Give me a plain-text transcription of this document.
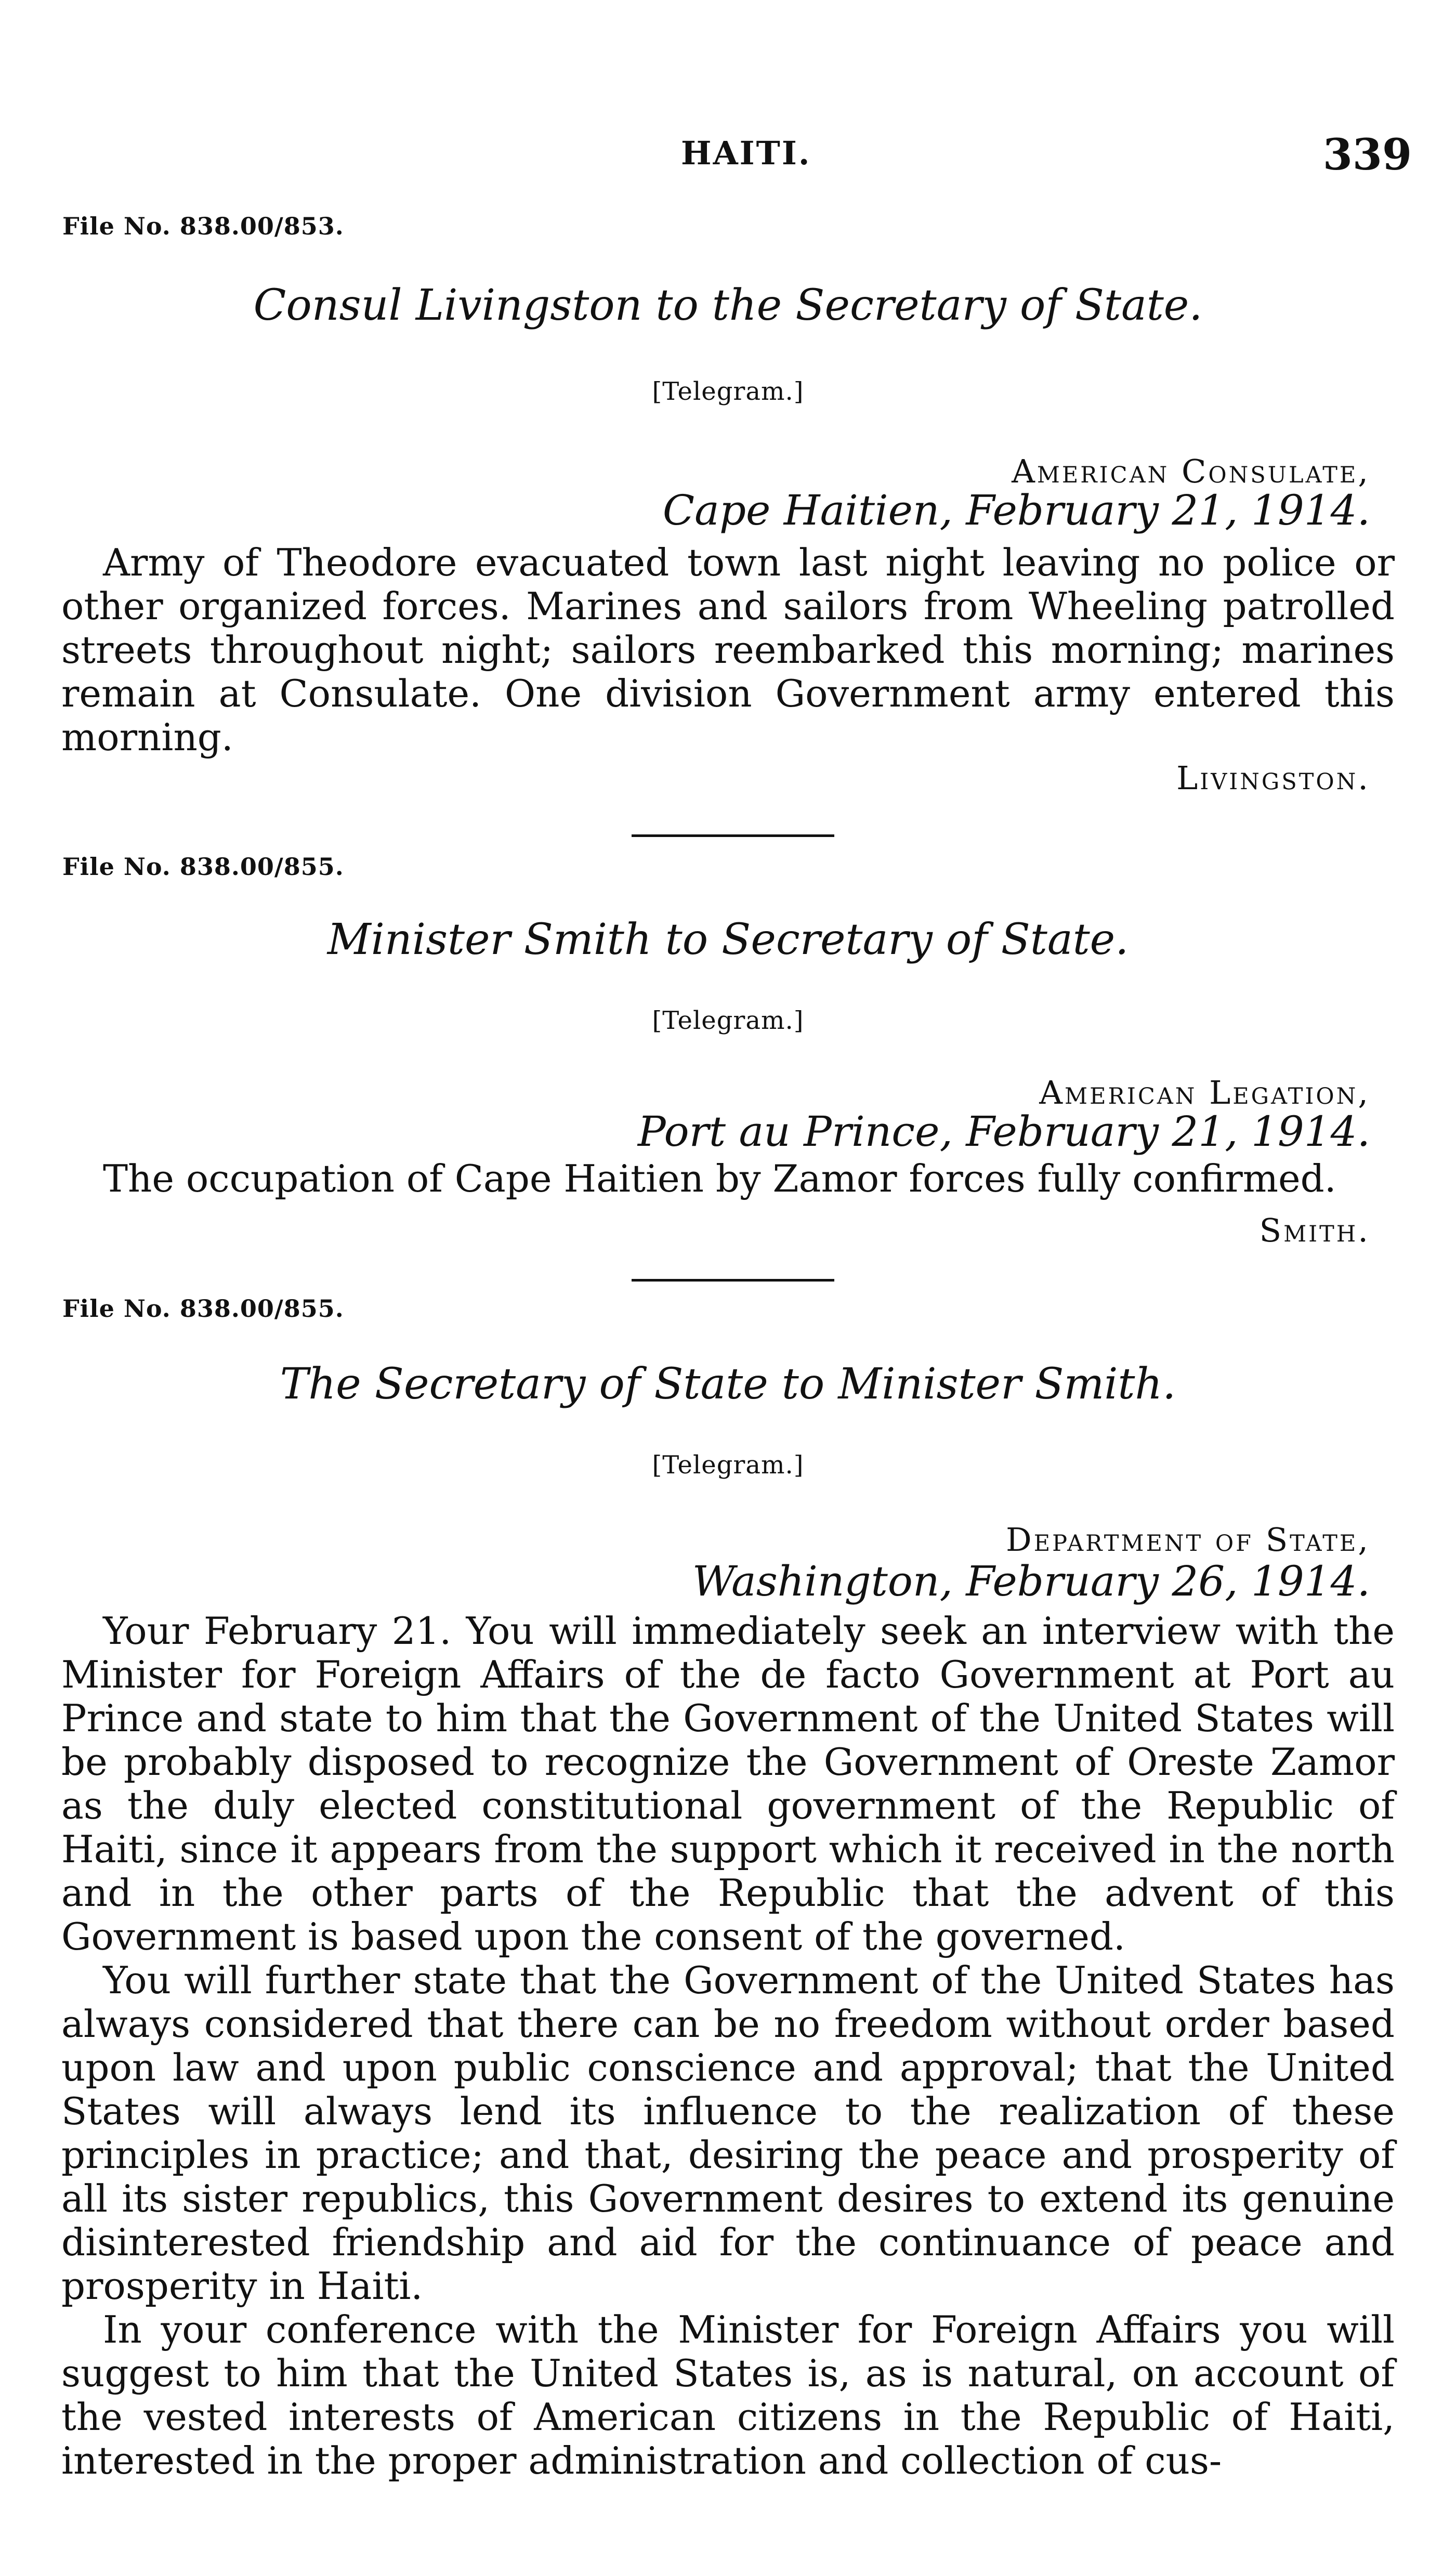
HAITI.	339
File No. 838.00/853.
Consul Livingston to the Secretary of State.
[Telegram.]
American Consulate,
Cape Haitien, February 21, 1914.

Army of Theodore evacuated town last night leaving no police or other organized forces. Marines and sailors from Wheeling patrolled streets throughout night; sailors reembarked this morning; marines remain at Consulate. One division Government army entered this morning.

Livingston.
File No. 838.00/855.
Minister Smith to Secretary of State.
[Telegram.]
American Legation,
Port au Prince, February 21, 1914.

The occupation of Cape Haitien by Zamor forces fully confirmed.

Smith.
File No. 838.00/855.
The Secretary of State to Minister Smith.
[Telegram.]
Department of State,
Washington, February 26, 1914.

Your February 21. You will immediately seek an interview with the Minister for Foreign Affairs of the de facto Government at Port au Prince and state to him that the Government of the United States will be probably disposed to recognize the Government of Oreste Zamor as the duly elected constitutional government of the Republic of Haiti, since it appears from the support which it received in the north and in the other parts of the Republic that the advent of this Government is based upon the consent of the governed.

You will further state that the Government of the United States has always considered that there can be no freedom without order based upon law and upon public conscience and approval; that the United States will always lend its influence to the realization of these principles in practice; and that, desiring the peace and prosperity of all its sister republics, this Government desires to extend its genuine disinterested friendship and aid for the continuance of peace and prosperity in Haiti.

In your conference with the Minister for Foreign Affairs you will suggest to him that the United States is, as is natural, on account of the vested interests of American citizens in the Republic of Haiti, interested in the proper administration and collection of cus-
